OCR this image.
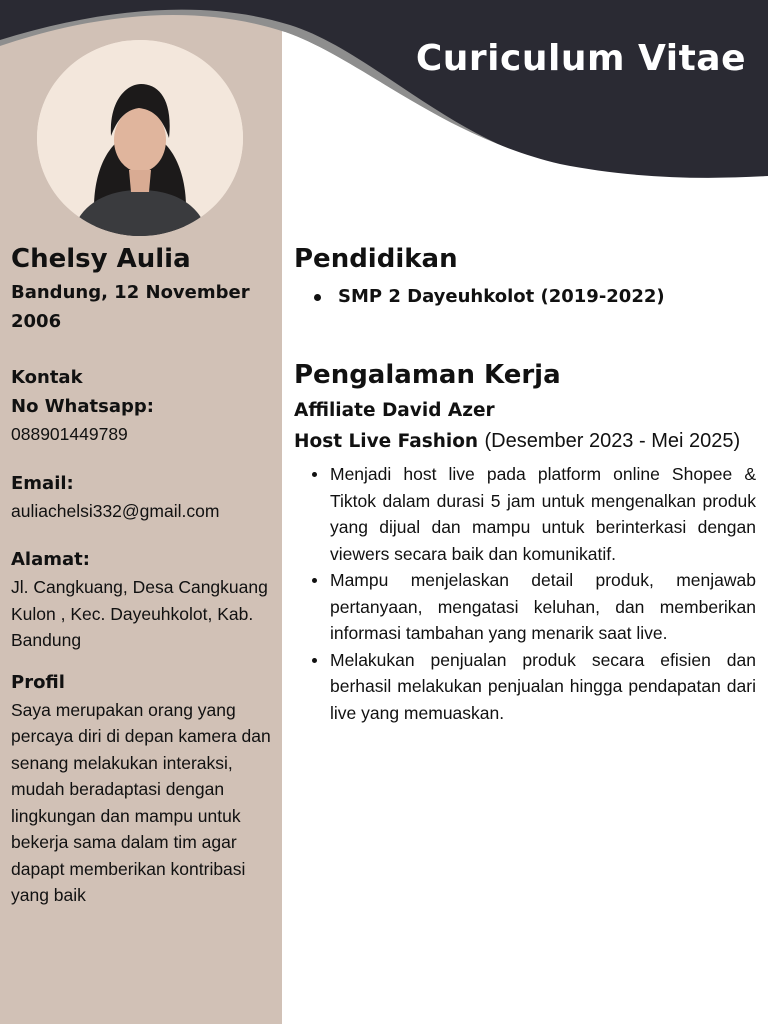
Curiculum Vitae
Chelsy Aulia

Bandung, 12 November 2006

Kontak

No Whatsapp:

088901449789

Email:

auliachelsi332@gmail.com

Alamat:

Jl. Cangkuang, Desa Cangkuang Kulon , Kec. Dayeuhkolot, Kab. Bandung

Profil

Saya merupakan orang yang percaya diri di depan kamera dan senang melakukan interaksi, mudah beradaptasi dengan lingkungan dan mampu untuk bekerja sama dalam tim agar dapapt memberikan kontribasi yang baik

Pendidikan
SMP 2 Dayeuhkolot (2019-2022)
Pengalaman Kerja

Affiliate David Azer

Host Live Fashion (Desember 2023 - Mei 2025)

Menjadi host live pada platform online Shopee & Tiktok dalam durasi 5 jam untuk mengenalkan produk yang dijual dan mampu untuk berinterkasi dengan viewers secara baik dan komunikatif.
Mampu menjelaskan detail produk, menjawab pertanyaan, mengatasi keluhan, dan memberikan informasi tambahan yang menarik saat live.
Melakukan penjualan produk secara efisien dan berhasil melakukan penjualan hingga pendapatan dari live yang memuaskan.
